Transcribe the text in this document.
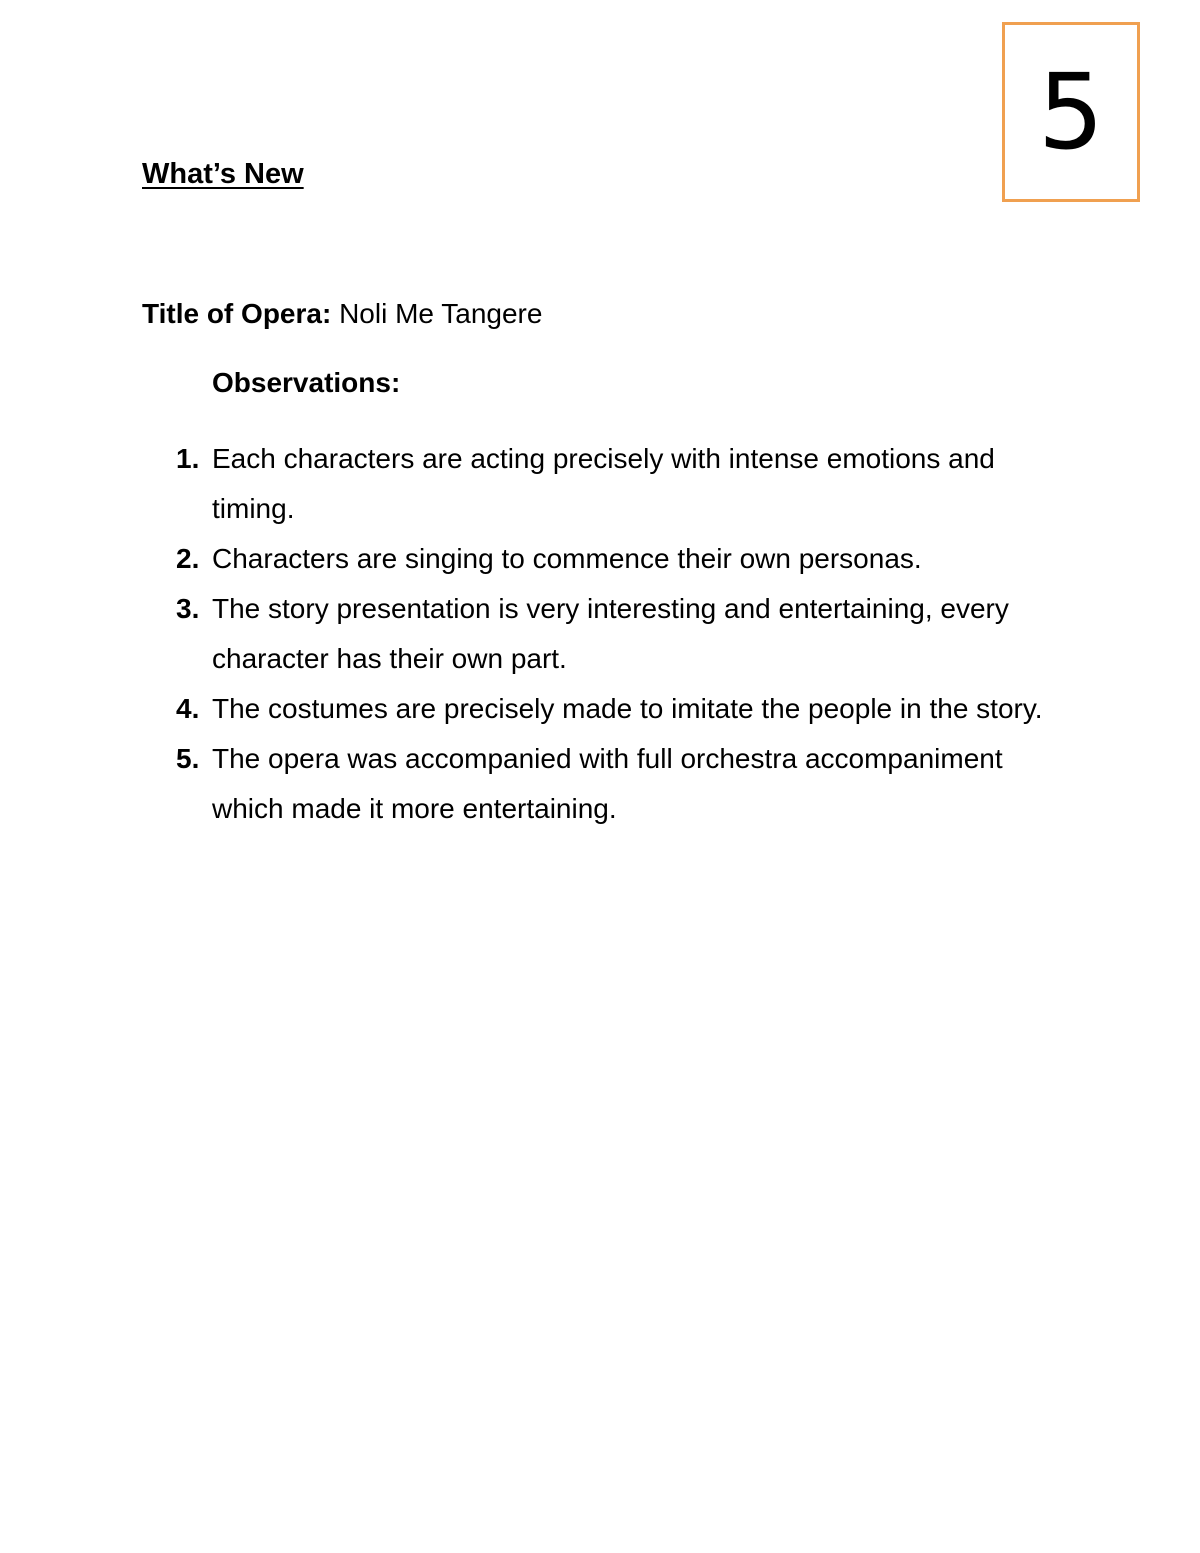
5
What’s New
Title of Opera: Noli Me Tangere
Observations:
1. Each characters are acting precisely with intense emotions and timing.
2. Characters are singing to commence their own personas.
3. The story presentation is very interesting and entertaining, every character has their own part.
4. The costumes are precisely made to imitate the people in the story.
5. The opera was accompanied with full orchestra accompaniment which made it more entertaining.
